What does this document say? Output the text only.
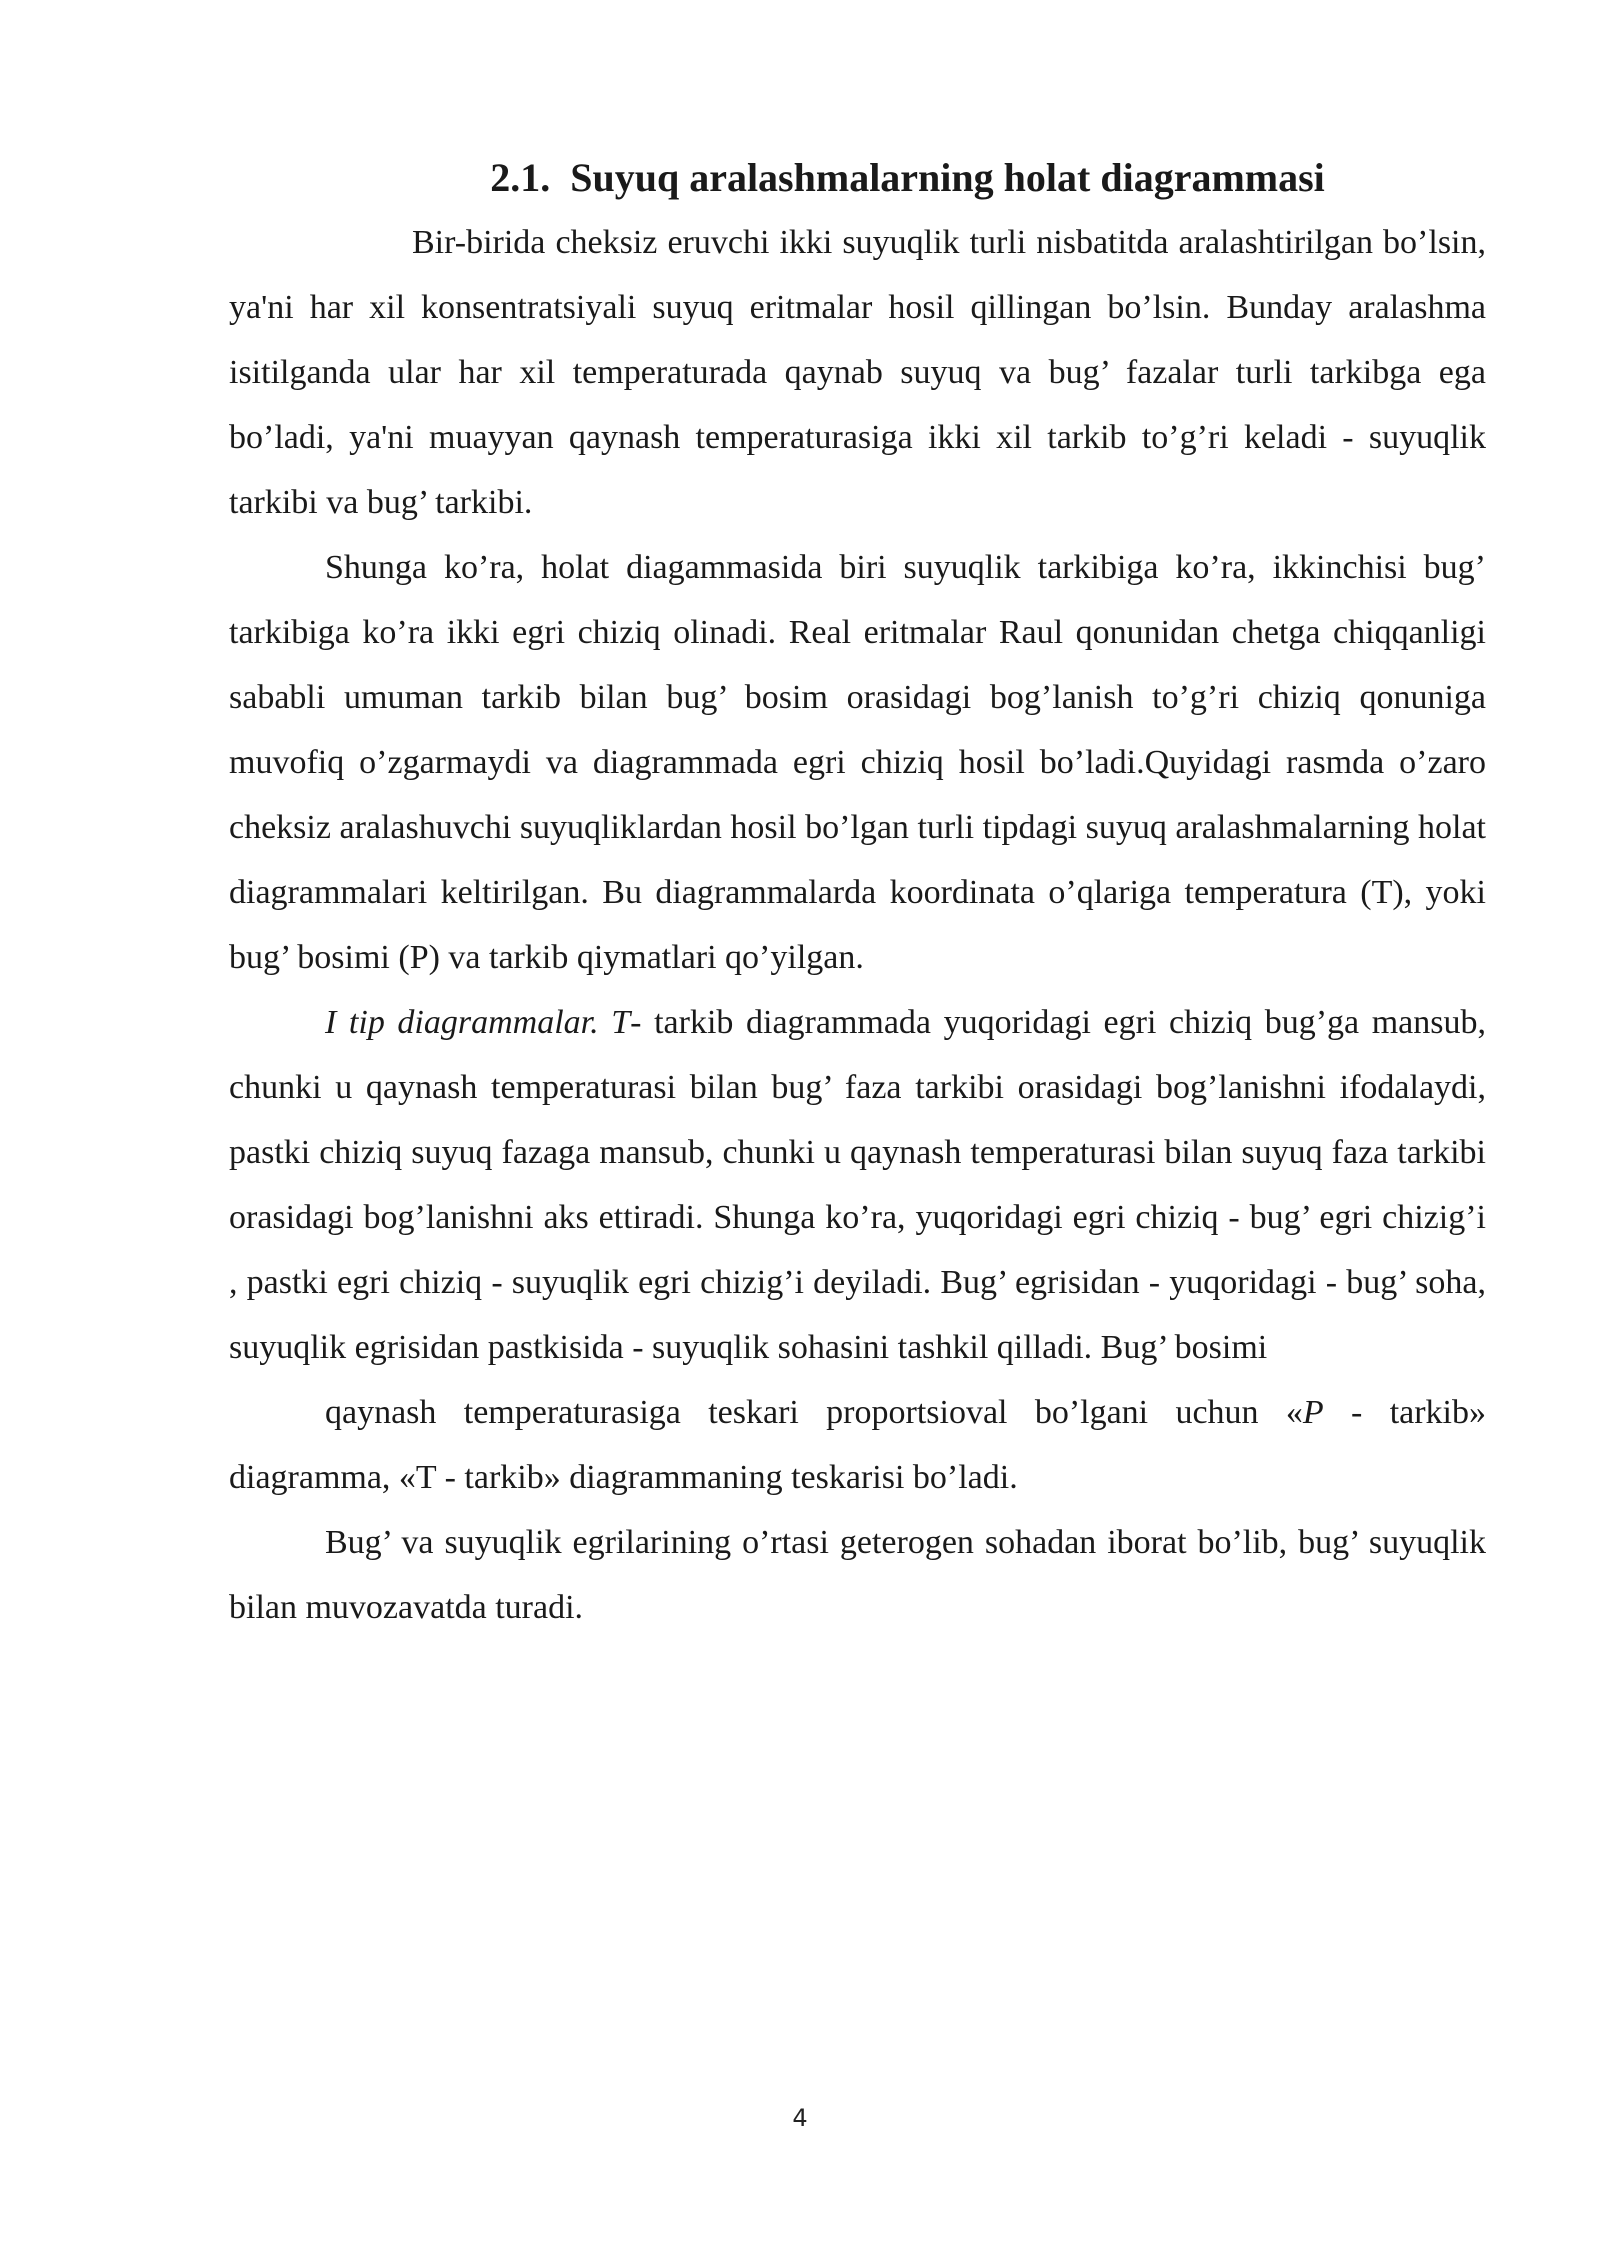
2.1.  Suyuq aralashmalarning holat diagrammasi

Bir-birida cheksiz eruvchi ikki suyuqlik turli nisbatitda aralashtirilgan bo’lsin, ya'ni har xil konsentratsiyali suyuq eritmalar hosil qillingan bo’lsin. Bunday aralashma isitilganda ular har xil temperaturada qaynab suyuq va bug’ fazalar turli tarkibga ega bo’ladi, ya'ni muayyan qaynash temperaturasiga ikki xil tarkib to’g’ri keladi - suyuqlik tarkibi va bug’ tarkibi.

Shunga ko’ra, holat diagammasida biri suyuqlik tarkibiga ko’ra, ikkinchisi bug’ tarkibiga ko’ra ikki egri chiziq olinadi. Real eritmalar Raul qonunidan chetga chiqqanligi sababli umuman tarkib bilan bug’ bosim orasidagi bog’lanish to’g’ri chiziq qonuniga muvofiq o’zgarmaydi va diagrammada egri chiziq hosil bo’ladi.Quyidagi rasmda o’zaro cheksiz aralashuvchi suyuqliklardan hosil bo’lgan turli tipdagi suyuq aralashmalarning holat diagrammalari keltirilgan. Bu diagrammalarda koordinata o’qlariga temperatura (T), yoki bug’ bosimi (P) va tarkib qiymatlari qo’yilgan.

I tip diagrammalar. T- tarkib diagrammada yuqoridagi egri chiziq bug’ga mansub, chunki u qaynash temperaturasi bilan bug’ faza tarkibi orasidagi bog’lanishni ifodalaydi, pastki chiziq suyuq fazaga mansub, chunki u qaynash temperaturasi bilan suyuq faza tarkibi orasidagi bog’lanishni aks ettiradi. Shunga ko’ra, yuqoridagi egri chiziq - bug’ egri chizig’i , pastki egri chiziq - suyuqlik egri chizig’i deyiladi. Bug’ egrisidan - yuqoridagi - bug’ soha, suyuqlik egrisidan pastkisida - suyuqlik sohasini tashkil qilladi. Bug’ bosimi

qaynash temperaturasiga teskari proportsioval bo’lgani uchun «P - tarkib» diagramma, «T - tarkib» diagrammaning teskarisi bo’ladi.

Bug’ va suyuqlik egrilarining o’rtasi geterogen sohadan iborat bo’lib, bug’ suyuqlik bilan muvozavatda turadi.

4
